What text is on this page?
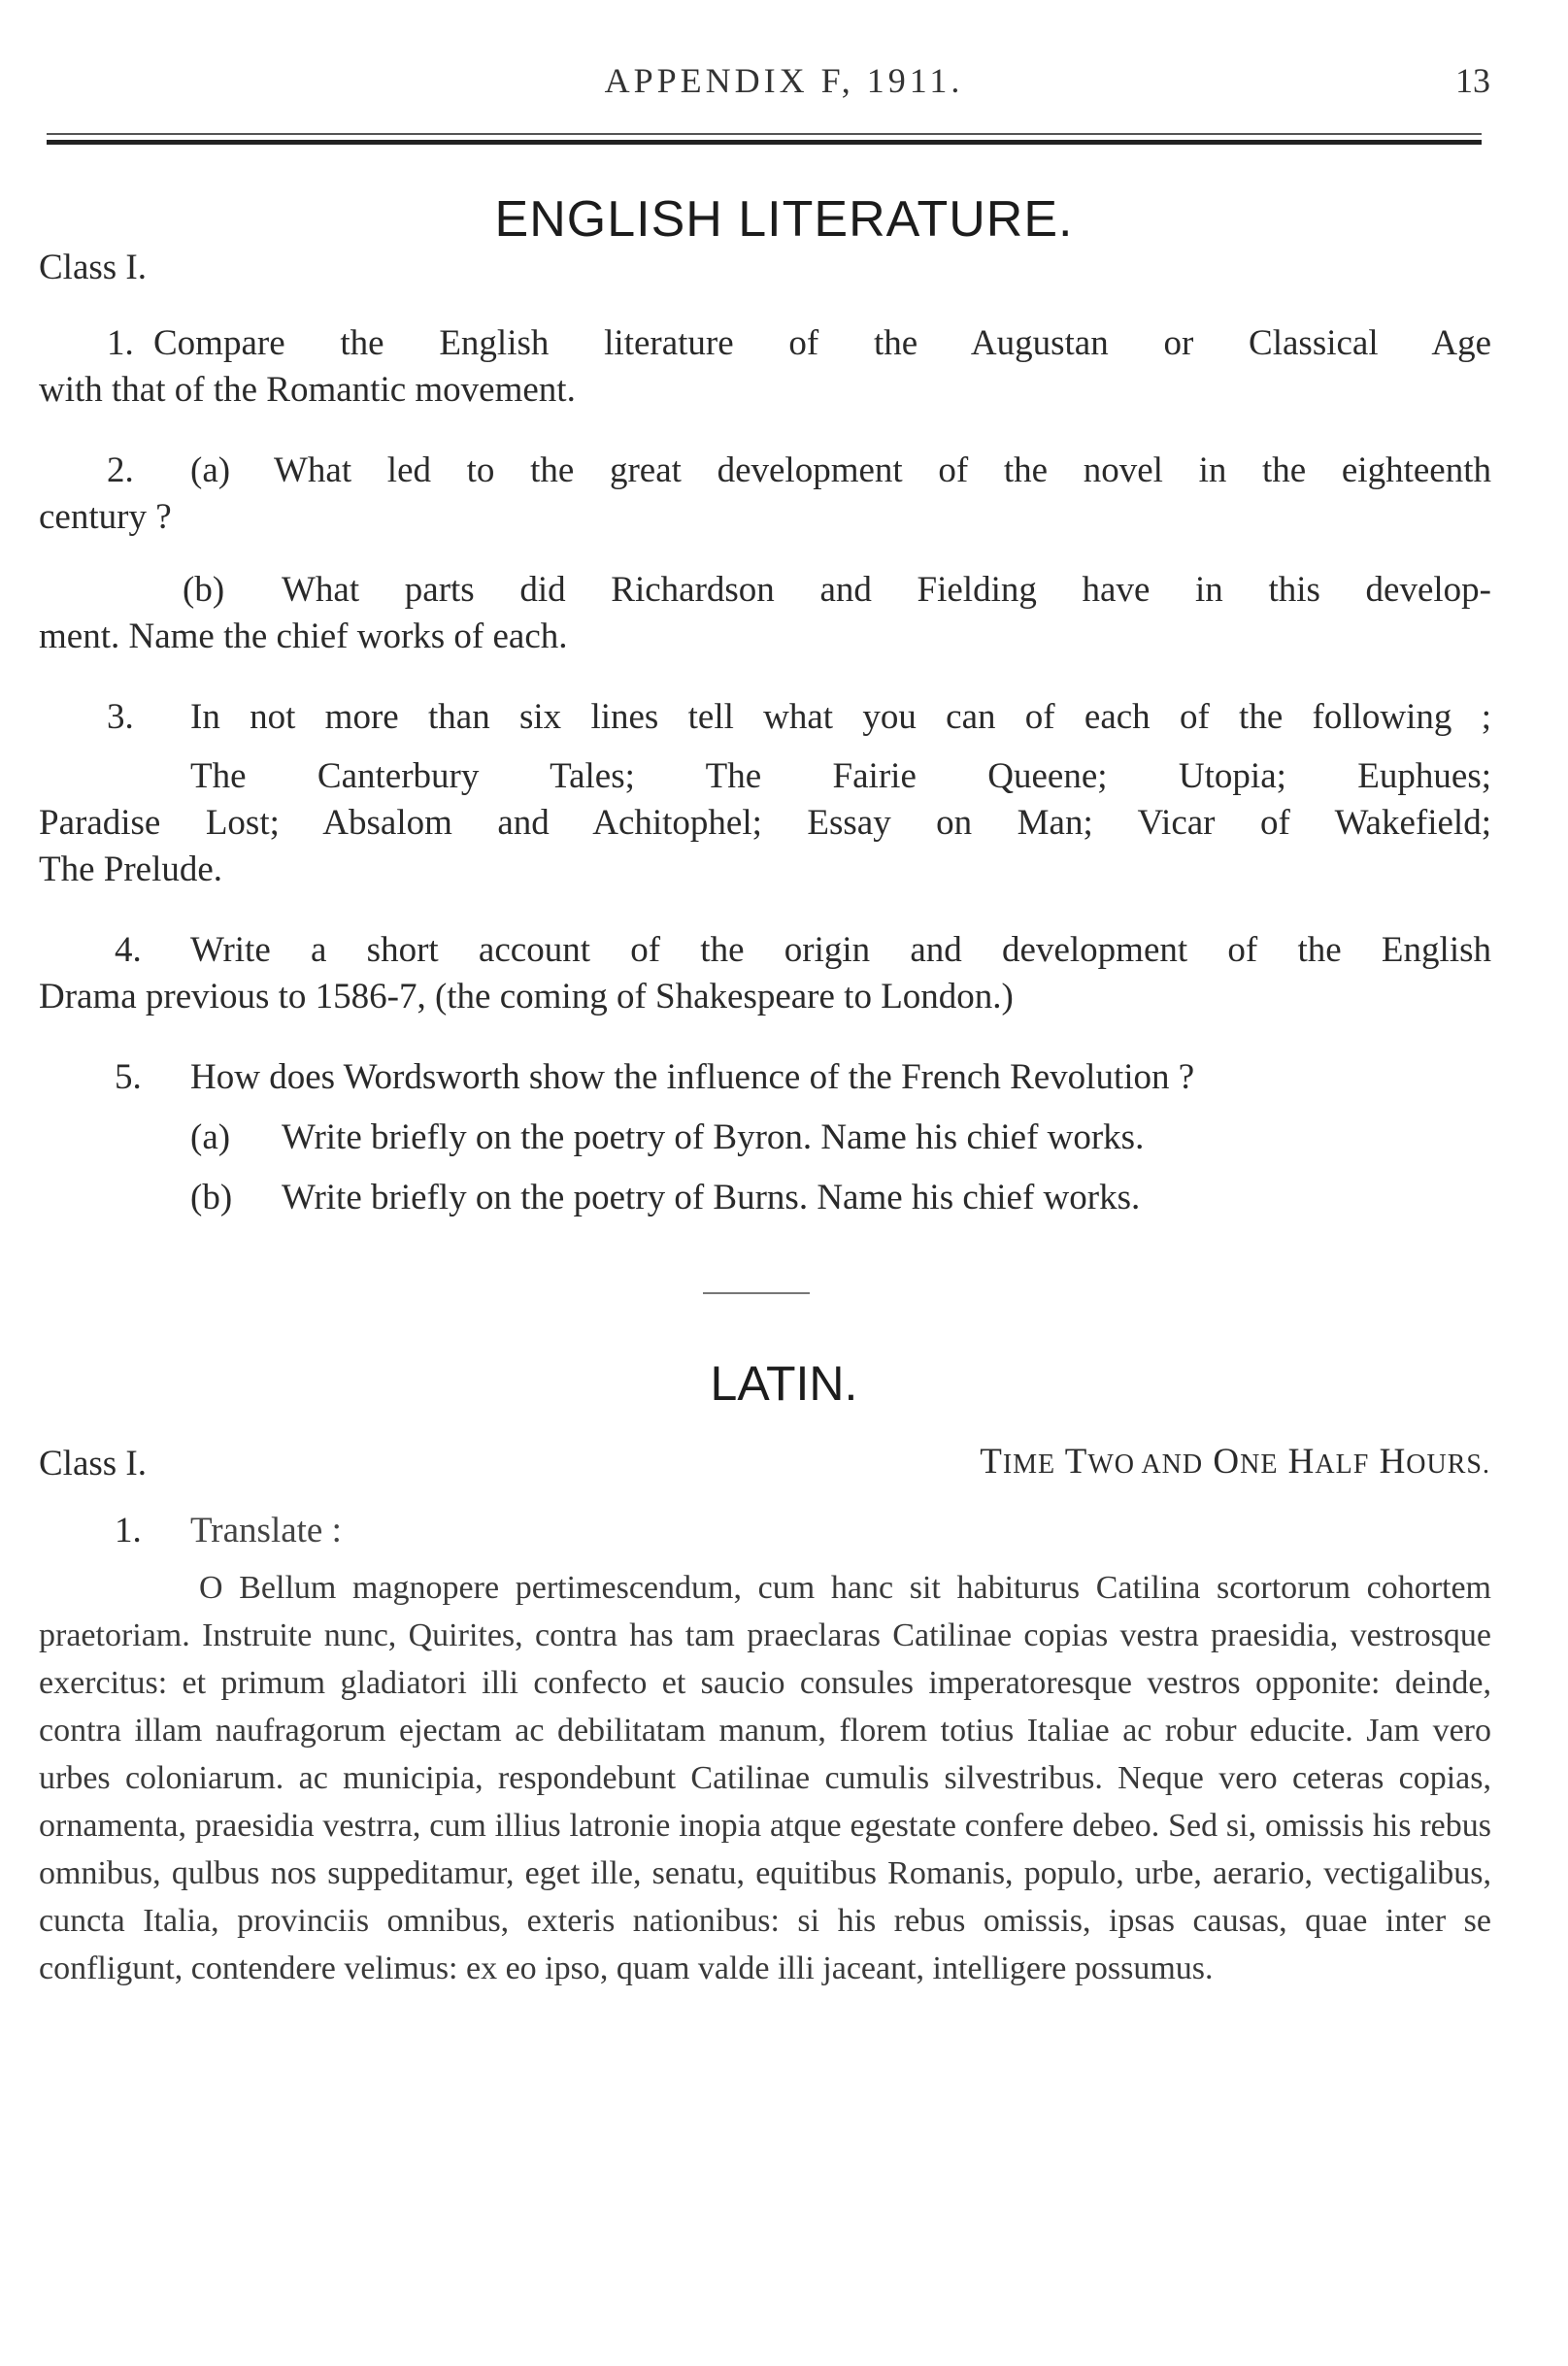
APPENDIX F, 1911.	13
ENGLISH LITERATURE.
Class I.
1. Compare the English literature of the Augustan or Classical Age
with that of the Romantic movement.
2. (a) What led to the great development of the novel in the eighteenth
century ?
(b) What parts did Richardson and Fielding have in this develop-
ment. Name the chief works of each.
3. In not more than six lines tell what you can of each of the following ;
The Canterbury Tales; The Fairie Queene; Utopia; Euphues;
Paradise Lost; Absalom and Achitophel; Essay on Man; Vicar of Wakefield;
The Prelude.
4. Write a short account of the origin and development of the English
Drama previous to 1586-7, (the coming of Shakespeare to London.)
5. How does Wordsworth show the influence of the French Revolution ?
(a) Write briefly on the poetry of Byron. Name his chief works.
(b) Write briefly on the poetry of Burns. Name his chief works.
LATIN.
Class I.	TIME TWO AND ONE HALF HOURS.
1. Translate :
O Bellum magnopere pertimescendum, cum hanc sit habiturus Catilina scortorum cohortem praetoriam. Instruite nunc, Quirites, contra has tam praeclaras Catilinae copias vestra praesidia, vestrosque exercitus: et primum gladiatori illi confecto et saucio consules imperatoresque vestros opponite: deinde, contra illam naufragorum ejectam ac debilitatam manum, florem totius Italiae ac robur educite. Jam vero urbes coloniarum. ac municipia, respondebunt Catilinae cumulis silvestribus. Neque vero ceteras copias, ornamenta, praesidia vestrra, cum illius latronie inopia atque egestate confere debeo. Sed si, omissis his rebus omnibus, qulbus nos suppeditamur, eget ille, senatu, equitibus Romanis, populo, urbe, aerario, vectigalibus, cuncta Italia, provinciis omnibus, exteris nationibus: si his rebus omissis, ipsas causas, quae inter se confligunt, contendere velimus: ex eo ipso, quam valde illi jaceant, intelligere possumus.
